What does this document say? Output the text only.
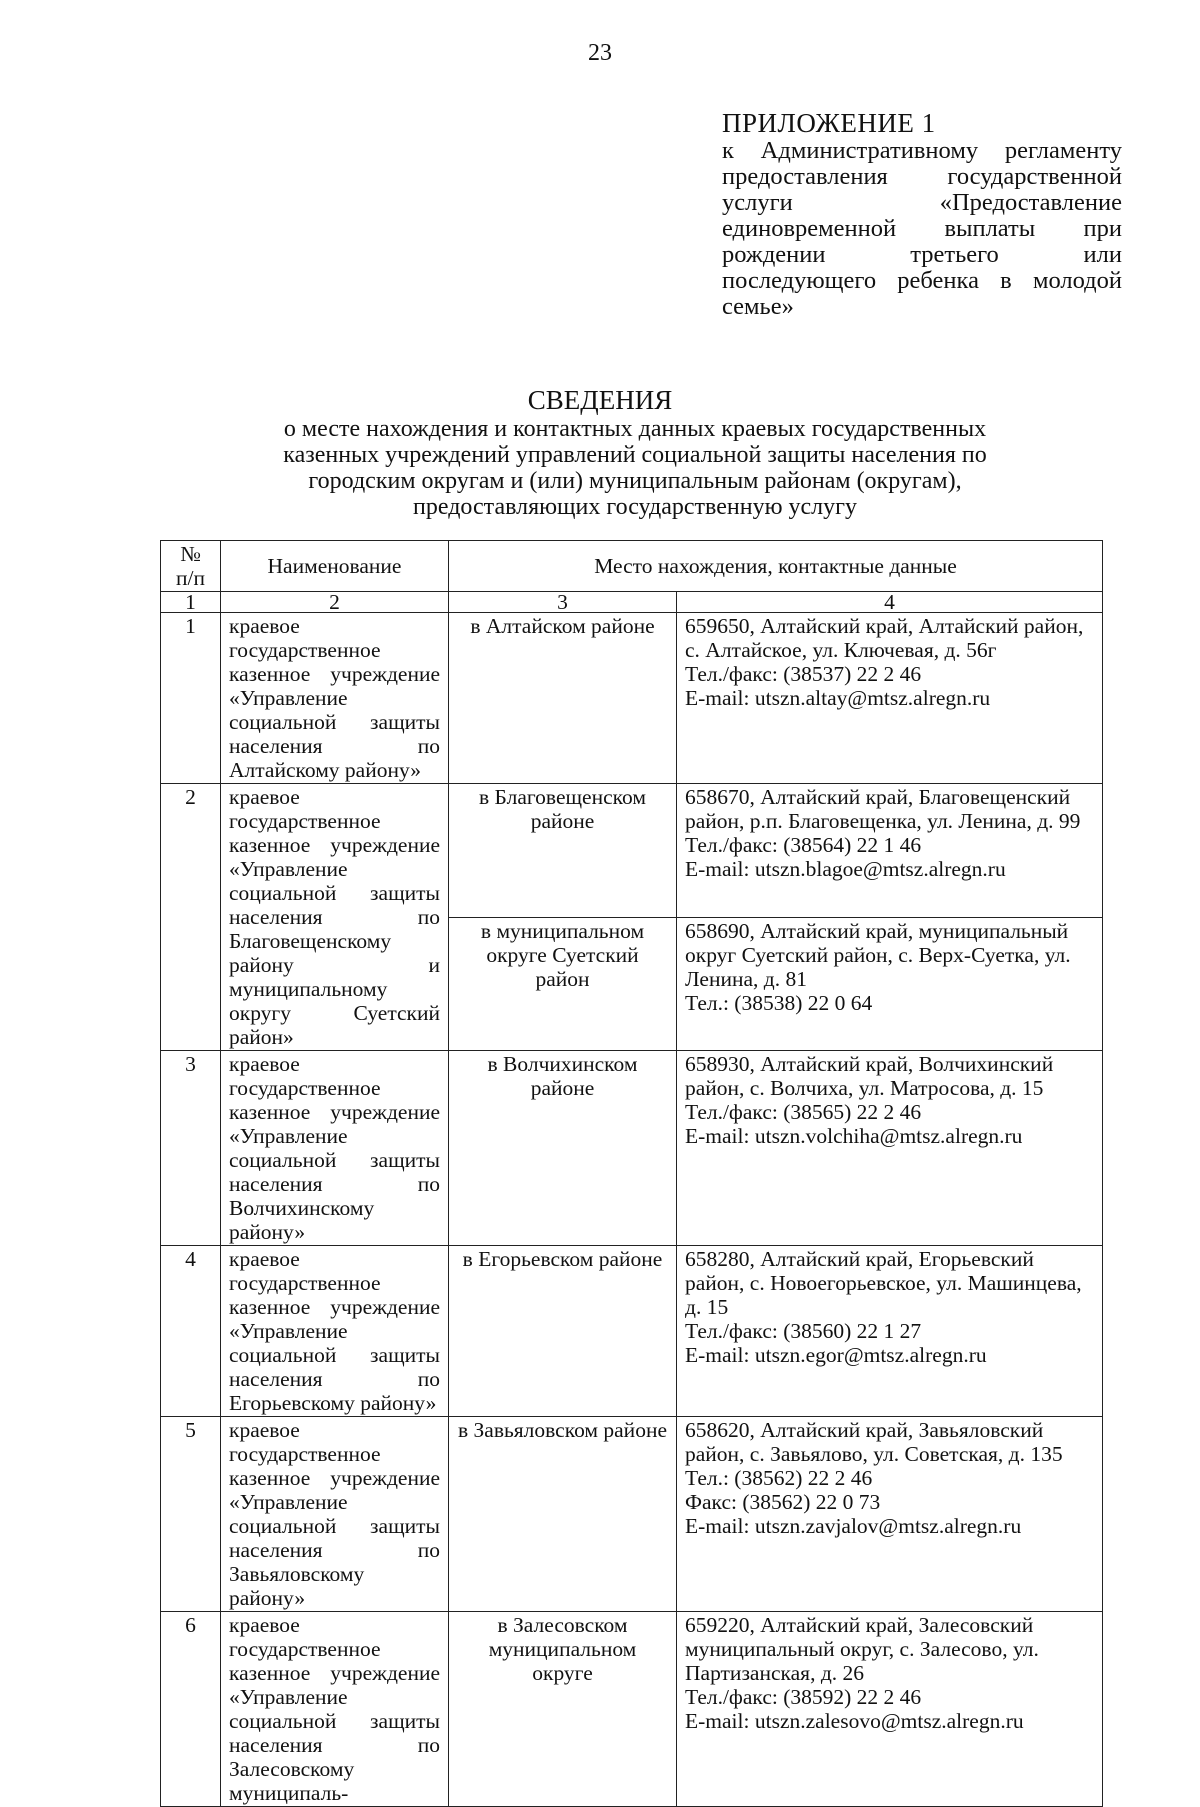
23
ПРИЛОЖЕНИЕ 1
к Административному регламенту предоставления государственной услуги «Предоставление единовременной выплаты при рождении третьего или последующего ребенка в молодой семье»
СВЕДЕНИЯ
о месте нахождения и контактных данных краевых государственных казенных учреждений управлений социальной защиты населения по городским округам и (или) муниципальным районам (округам), предоставляющих государственную услугу
№ п/п	Наименование	Место нахождения, контактные данные	
1	2	3	4
1	краевое государственное казенное учреждение «Управление социальной защиты населения по Алтайскому району»	в Алтайском районе	659650, Алтайский край, Алтайский район, с. Алтайское, ул. Ключевая, д. 56г
Тел./факс: (38537) 22 2 46
E-mail: utszn.altay@mtsz.alregn.ru

2	краевое государственное казенное учреждение «Управление социальной защиты населения по Благовещенскому району и муниципальному округу Суетский район»	в Благовещенском районе	658670, Алтайский край, Благовещенский район, р.п. Благовещенка, ул. Ленина, д. 99
Тел./факс: (38564) 22 1 46
E-mail: utszn.blagoe@mtsz.alregn.ru

		в муниципальном округе Суетский район	658690, Алтайский край, муниципальный округ Суетский район, с. Верх-Суетка, ул. Ленина, д. 81
Тел.: (38538) 22 0 64

3	краевое государственное казенное учреждение «Управление социальной защиты населения по Волчихинскому району»	в Волчихинском районе	658930, Алтайский край, Волчихинский район, с. Волчиха, ул. Матросова, д. 15
Тел./факс: (38565) 22 2 46
E-mail: utszn.volchiha@mtsz.alregn.ru

4	краевое государственное казенное учреждение «Управление социальной защиты населения по Егорьевскому району»	в Егорьевском районе	658280, Алтайский край, Егорьевский район, с. Новоегорьевское, ул. Машинцева, д. 15
Тел./факс: (38560) 22 1 27
E-mail: utszn.egor@mtsz.alregn.ru

5	краевое государственное казенное учреждение «Управление социальной защиты населения по Завьяловскому району»	в Завьяловском районе	658620, Алтайский край, Завьяловский район, с. Завьялово, ул. Советская, д. 135
Тел.: (38562) 22 2 46
Факс: (38562) 22 0 73
E-mail: utszn.zavjalov@mtsz.alregn.ru

6	краевое государственное казенное учреждение «Управление социальной защиты населения по Залесовскому муниципаль-	в Залесовском муниципальном округе	659220, Алтайский край, Залесовский муниципальный округ, с. Залесово, ул. Партизанская, д. 26
Тел./факс: (38592) 22 2 46
E-mail: utszn.zalesovo@mtsz.alregn.ru
